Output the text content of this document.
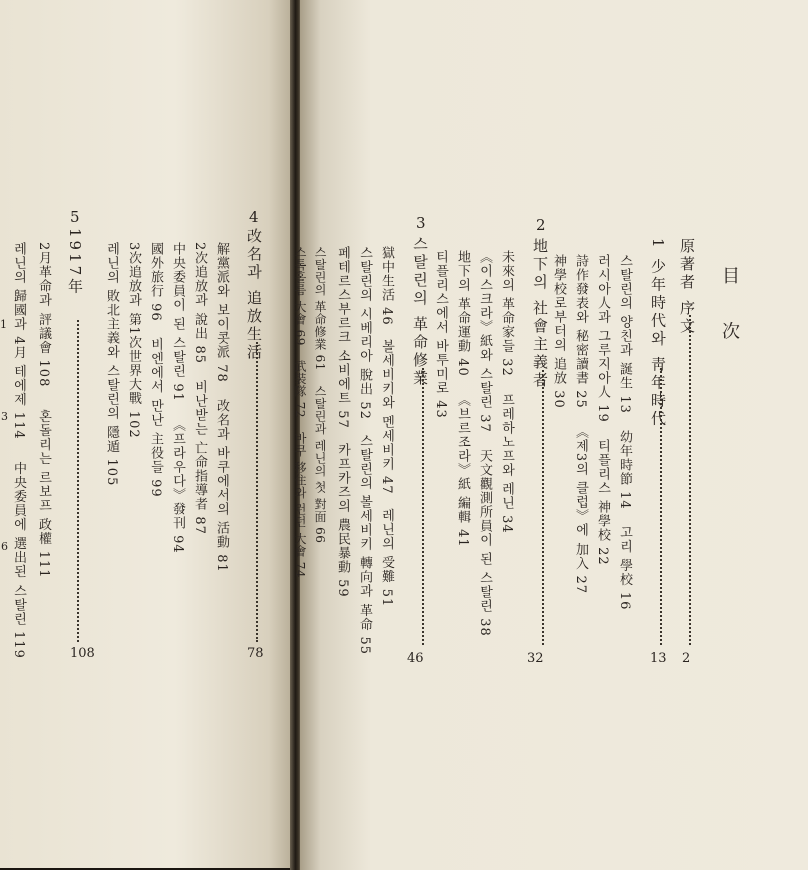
4
改名과 追放生活
78
解黨派와 보이콧派 78改名과 바쿠에서의 活動 81
2次追放과 說出 85비난받는 亡命指導者 87
中央委員이 된 스탈린 91《프라우다》發刊 94
國外旅行 96비엔에서 만난 主役들 99
3次追放과 第1次世界大戰 102
레닌의 敗北主義와 스탈린의 隱遁 105
5
1917年
108
2月革命과 評議會 108혼돌리는 르보프 政權 111
레닌의 歸國과 4月 테에제 114中央委員에 選出된 스탈린 119
1
3
6
目 次
原著者 序文
2
1少年時代와 靑年時代
13
스탈린의 양친과 誕生 13幼年時節 14고리 學校 16
러시아人과 그루지아人 19티플리스 神學校 22
詩作發表와 秘密讀書 25《제3의 클럽》에 加入 27
神學校로부터의 追放 30
2
地下의 社會主義者
32
未來의 革命家들 32프레하노프와 레닌 34
《이스크라》紙와 스탈린 37天文觀測所員이 된 스탈린 38
地下의 革命運動 40《브르조라》紙 編輯 41
티플리스에서 바투미로 43
3
스탈린의 革命修業
46
獄中生活 46볼세비키와 멘세비키 47레닌의 受難 51
스탈린의 시베리아 脫出 52스탈린의 볼세비키 轉向과 革命 55
페테르스부르크 소비에트 57카프카즈의 農民暴動 59
스탈린의 革命修業 61스탈린과 레닌의 첫 對面 66
스톡홀름 大會 69武裝隊 72바쿠 移住와 런던 大會 74
